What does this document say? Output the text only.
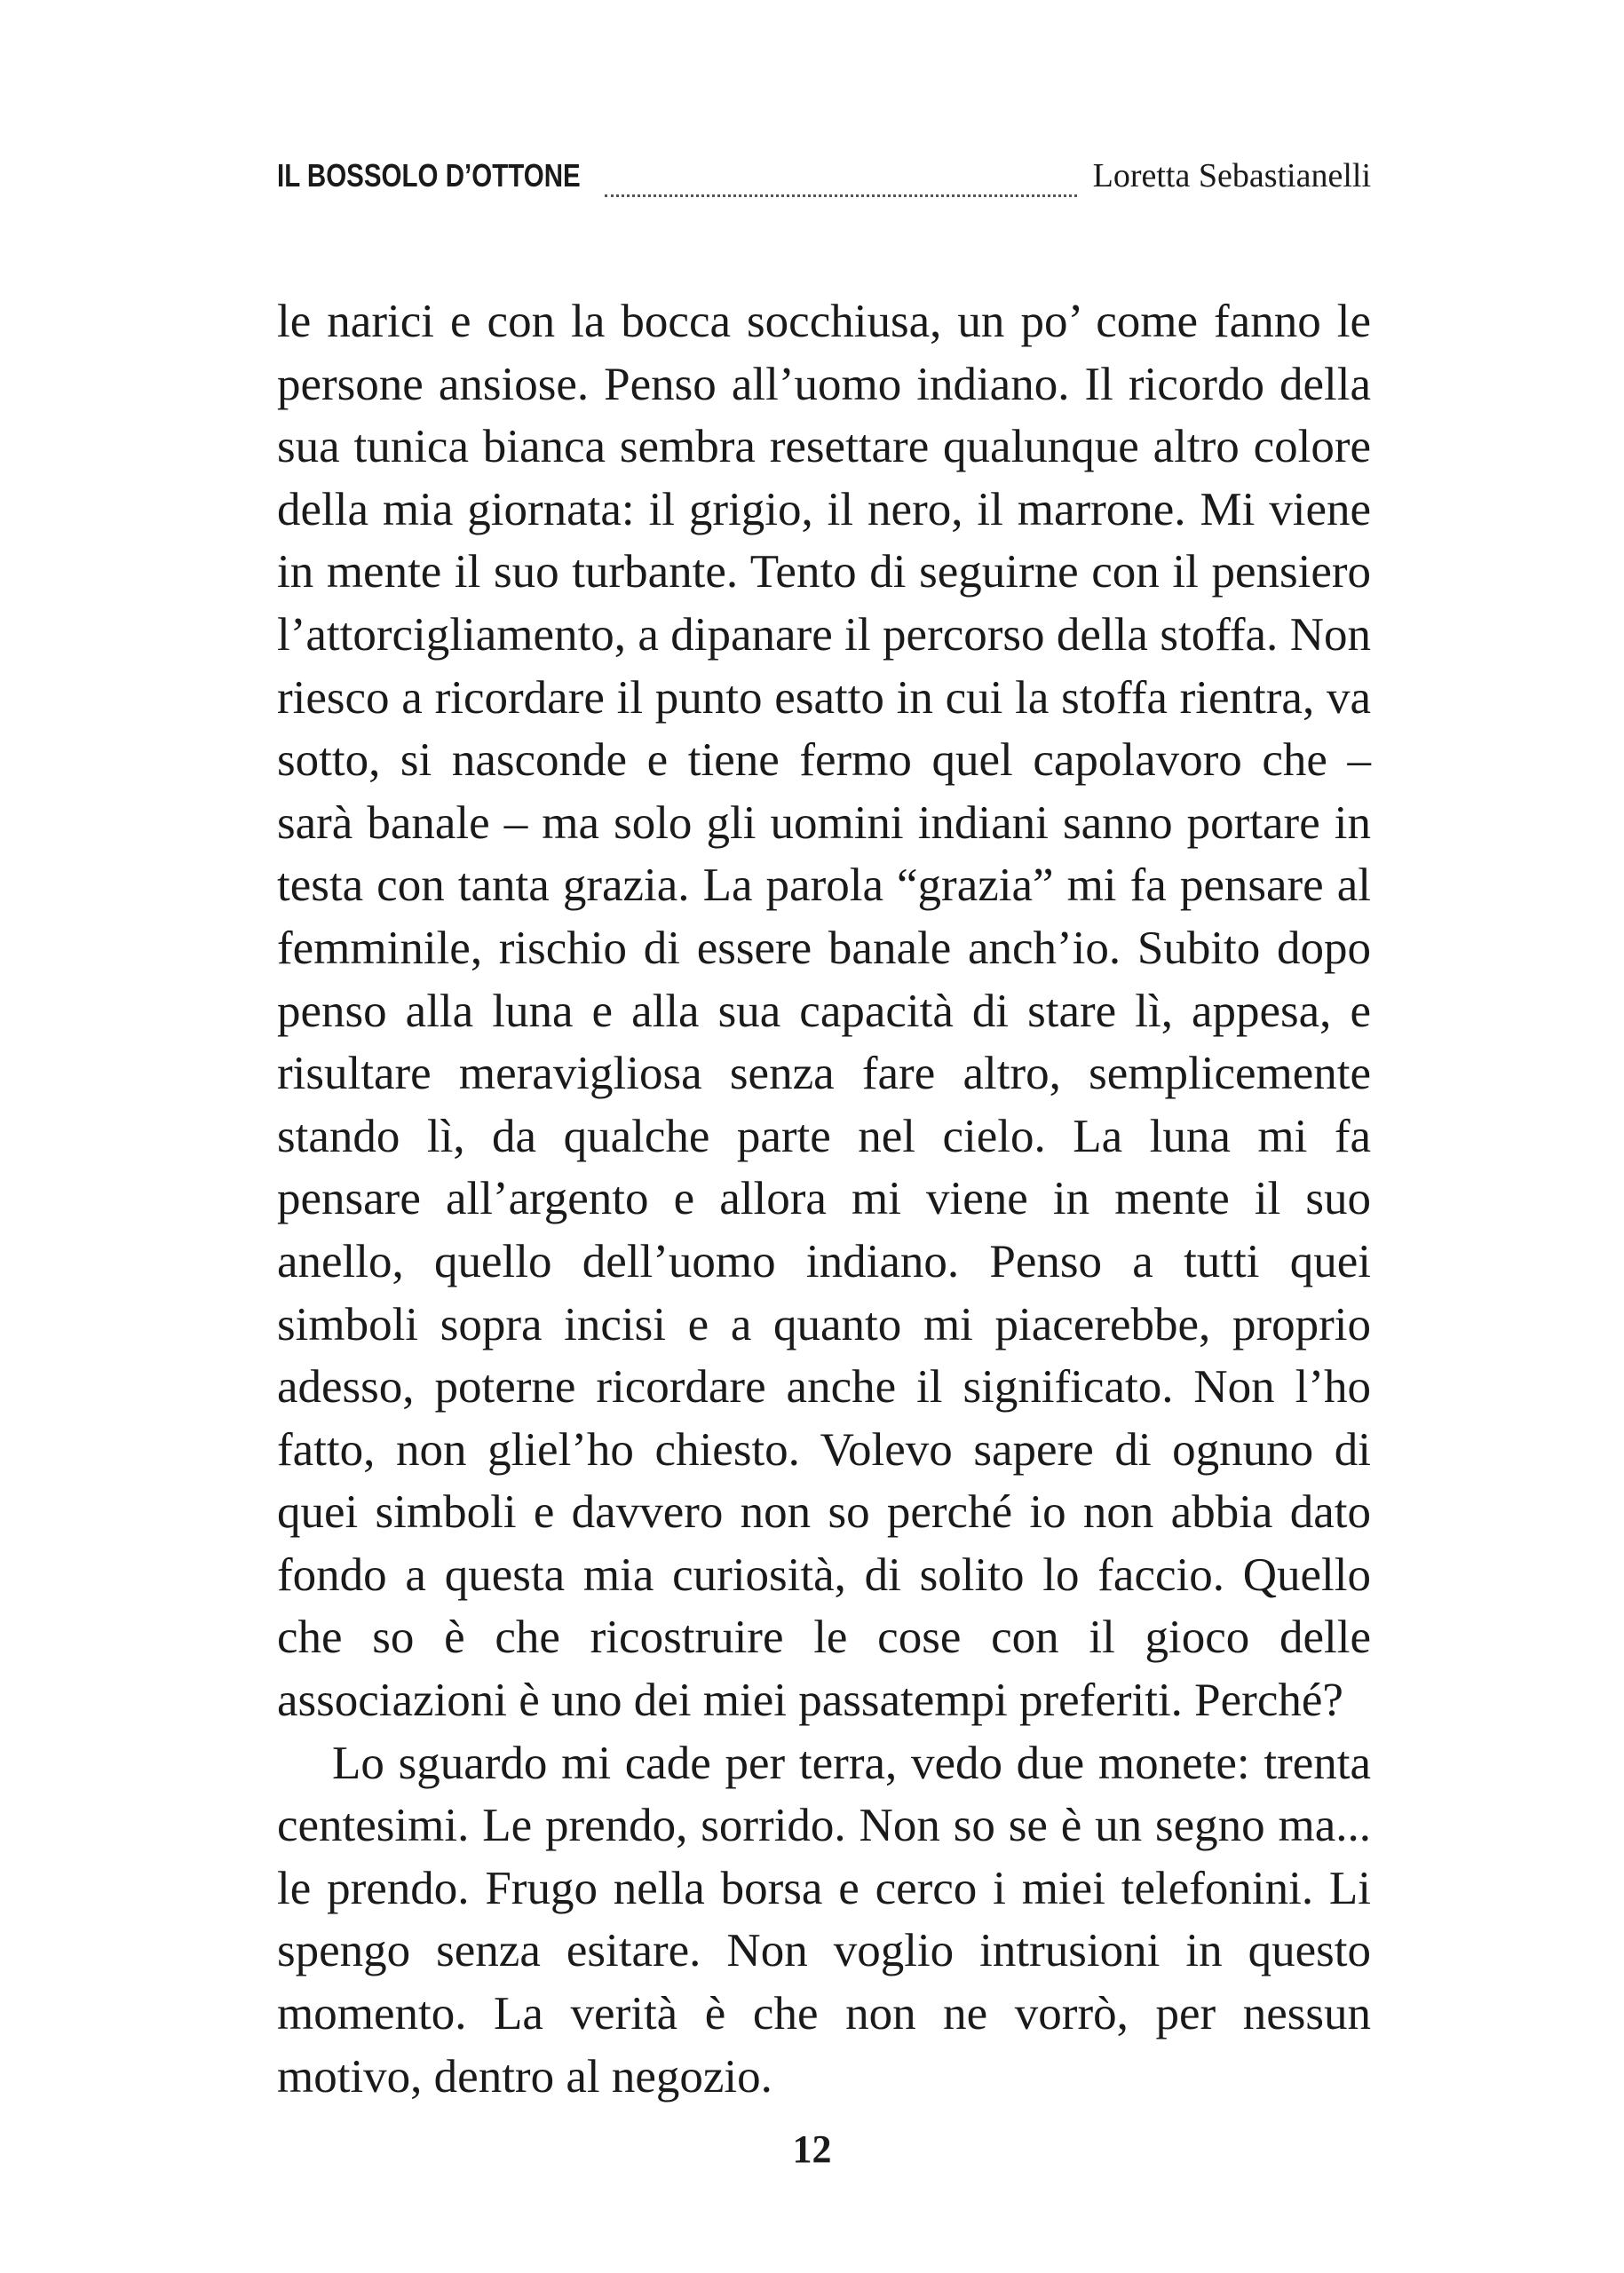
IL BOSSOLO D’OTTONE	Loretta Sebastianelli

le narici e con la bocca socchiusa, un po’ come fanno le persone ansiose. Penso all’uomo indiano. Il ricordo della sua tunica bianca sembra resettare qualunque altro colore della mia giornata: il grigio, il nero, il marrone. Mi viene in mente il suo turbante. Tento di seguirne con il pensiero l’attorcigliamento, a dipanare il percorso della stoffa. Non riesco a ricordare il punto esatto in cui la stoffa rientra, va sotto, si nasconde e tiene fermo quel capolavoro che – sarà banale – ma solo gli uomini indiani sanno portare in testa con tanta grazia. La parola “grazia” mi fa pensare al femminile, rischio di essere banale anch’io. Subito dopo penso alla luna e alla sua capacità di stare lì, appesa, e risultare meravigliosa senza fare altro, semplicemente stando lì, da qualche parte nel cielo. La luna mi fa pensare all’argento e allora mi viene in mente il suo anello, quello dell’uomo indiano. Penso a tutti quei simboli sopra incisi e a quanto mi piacerebbe, proprio adesso, poterne ricordare anche il significato. Non l’ho fatto, non gliel’ho chiesto. Volevo sapere di ognuno di quei simboli e davvero non so perché io non abbia dato fondo a questa mia curiosità, di solito lo faccio. Quello che so è che ricostruire le cose con il gioco delle associazioni è uno dei miei passatempi preferiti. Perché?

Lo sguardo mi cade per terra, vedo due monete: trenta centesimi. Le prendo, sorrido. Non so se è un segno ma... le prendo. Frugo nella borsa e cerco i miei telefonini. Li spengo senza esitare. Non voglio intrusioni in questo momento. La verità è che non ne vorrò, per nessun motivo, dentro al negozio.

12
